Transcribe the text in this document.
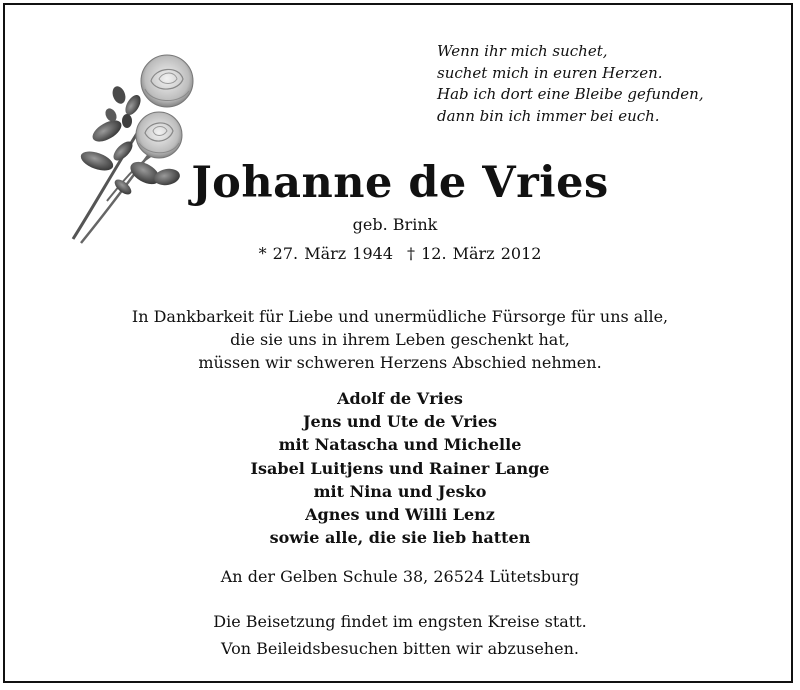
Wenn ihr mich suchet,
suchet mich in euren Herzen.
Hab ich dort eine Bleibe gefunden,
dann bin ich immer bei euch.
Johanne de Vries
geb. Brink
* 27. März 1944 † 12. März 2012
In Dankbarkeit für Liebe und unermüdliche Fürsorge für uns alle,
die sie uns in ihrem Leben geschenkt hat,
müssen wir schweren Herzens Abschied nehmen.
Adolf de Vries
Jens und Ute de Vries
mit Natascha und Michelle
Isabel Luitjens und Rainer Lange
mit Nina und Jesko
Agnes und Willi Lenz
sowie alle, die sie lieb hatten
An der Gelben Schule 38, 26524 Lütetsburg
Die Beisetzung findet im engsten Kreise statt.
Von Beileidsbesuchen bitten wir abzusehen.
